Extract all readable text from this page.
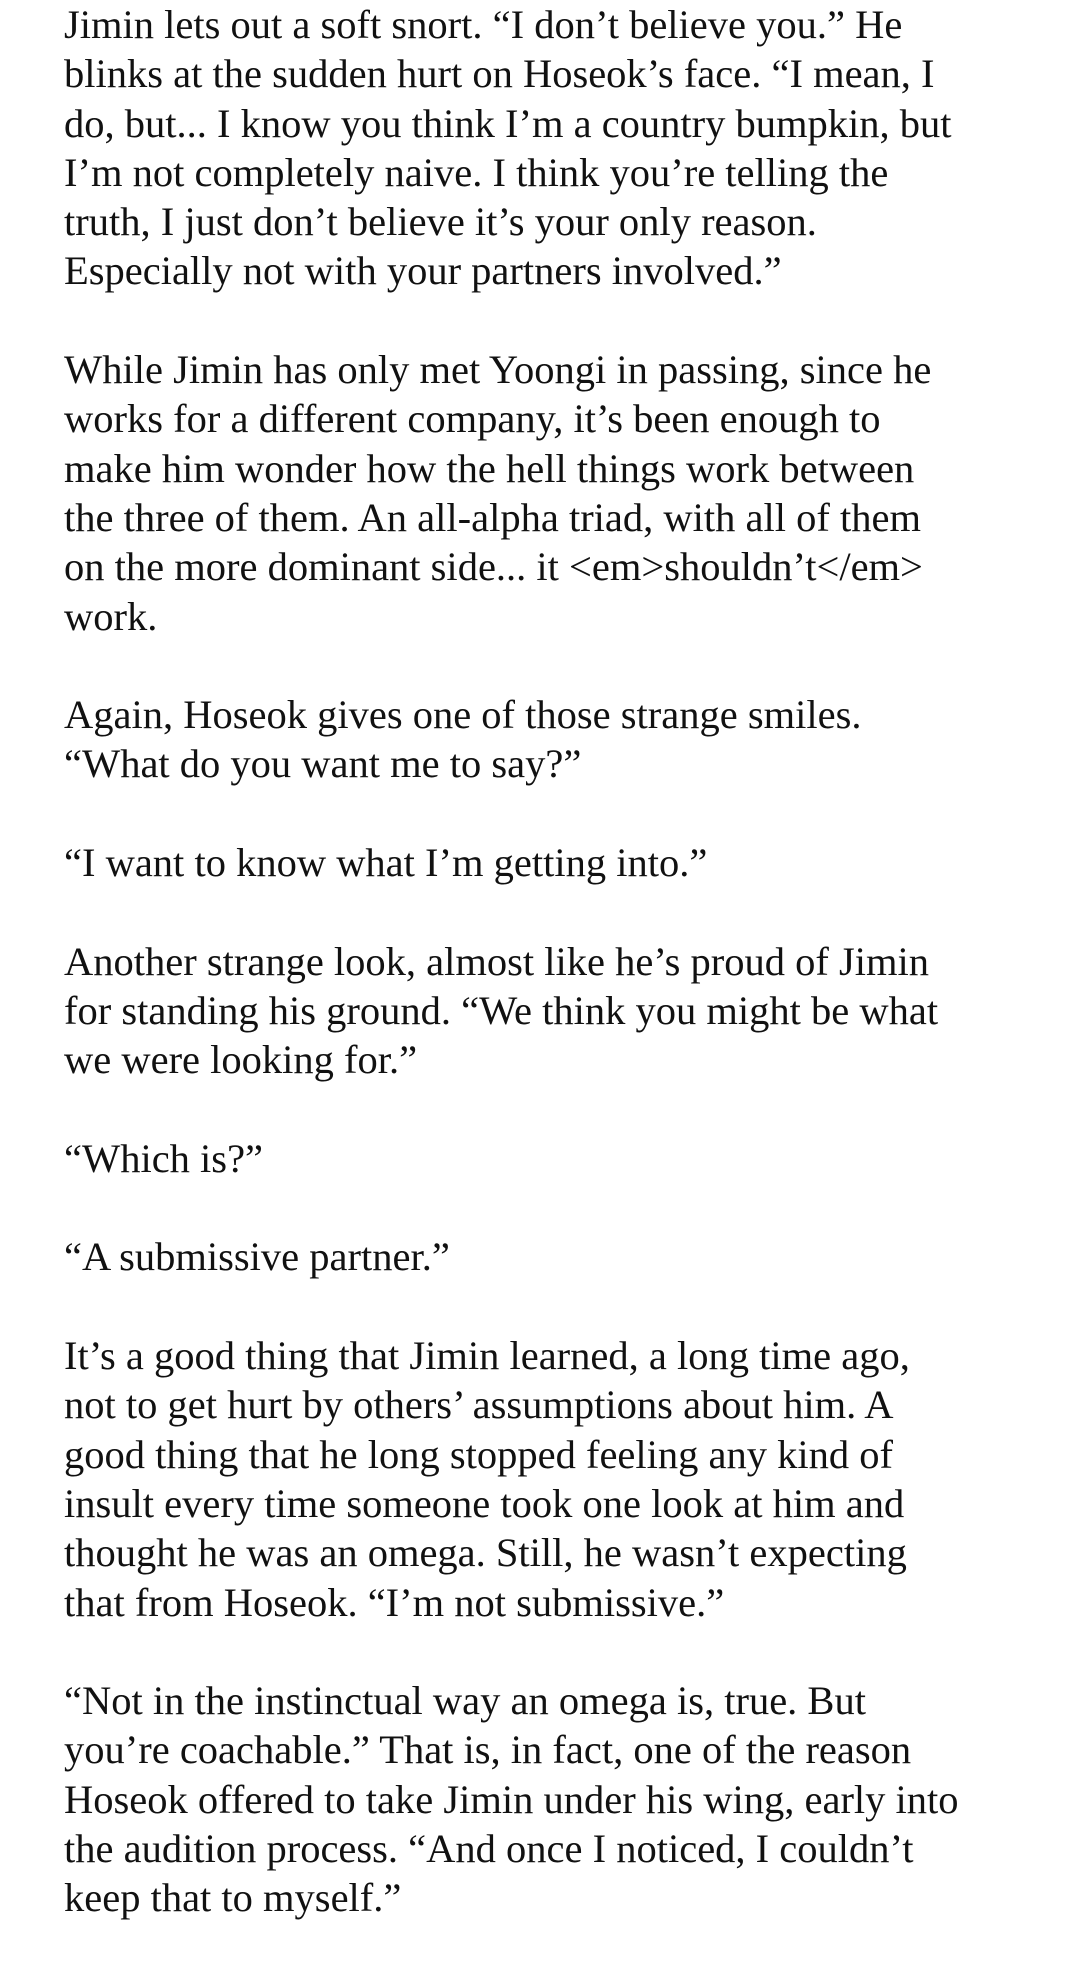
Jimin lets out a soft snort. “I don’t believe you.” He
blinks at the sudden hurt on Hoseok’s face. “I mean, I
do, but... I know you think I’m a country bumpkin, but
I’m not completely naive. I think you’re telling the
truth, I just don’t believe it’s your only reason.
Especially not with your partners involved.”

While Jimin has only met Yoongi in passing, since he
works for a different company, it’s been enough to
make him wonder how the hell things work between
the three of them. An all-alpha triad, with all of them
on the more dominant side... it <em>shouldn’t</em>
work.

Again, Hoseok gives one of those strange smiles.
“What do you want me to say?”

“I want to know what I’m getting into.”

Another strange look, almost like he’s proud of Jimin
for standing his ground. “We think you might be what
we were looking for.”

“Which is?”

“A submissive partner.”

It’s a good thing that Jimin learned, a long time ago,
not to get hurt by others’ assumptions about him. A
good thing that he long stopped feeling any kind of
insult every time someone took one look at him and
thought he was an omega. Still, he wasn’t expecting
that from Hoseok. “I’m not submissive.”

“Not in the instinctual way an omega is, true. But
you’re coachable.” That is, in fact, one of the reason
Hoseok offered to take Jimin under his wing, early into
the audition process. “And once I noticed, I couldn’t
keep that to myself.”
